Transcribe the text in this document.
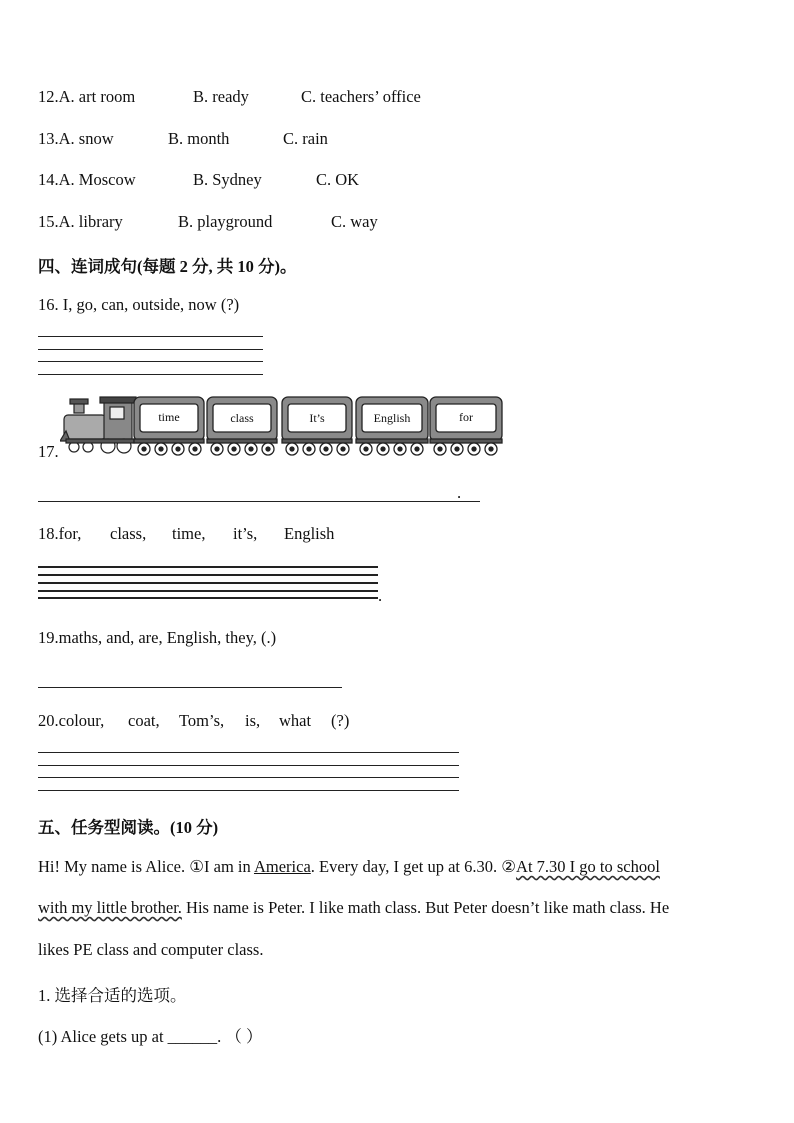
12.A. art room	B. ready	C. teachers’ office
13.A. snow	B. month	C. rain
14.A. Moscow	B. Sydney	C. OK
15.A. library	B. playground	C. way
四、连词成句(每题 2 分, 共 10 分)。
16. I, go, can, outside, now (?)
17.
time	class	It’s	English	for
.
18.for, class, time, it’s, English
.
19.maths, and, are, English, they, (.)
20.colour, coat, Tom’s, is, what (?)
五、任务型阅读。(10 分)
Hi! My name is Alice. ①I am in America. Every day, I get up at 6.30. ②At 7.30 I go to school
with my little brother. His name is Peter. I like math class. But Peter doesn’t like math class. He
likes PE class and computer class.
1. 选择合适的选项。
(1) Alice gets up at ______. （ ）
